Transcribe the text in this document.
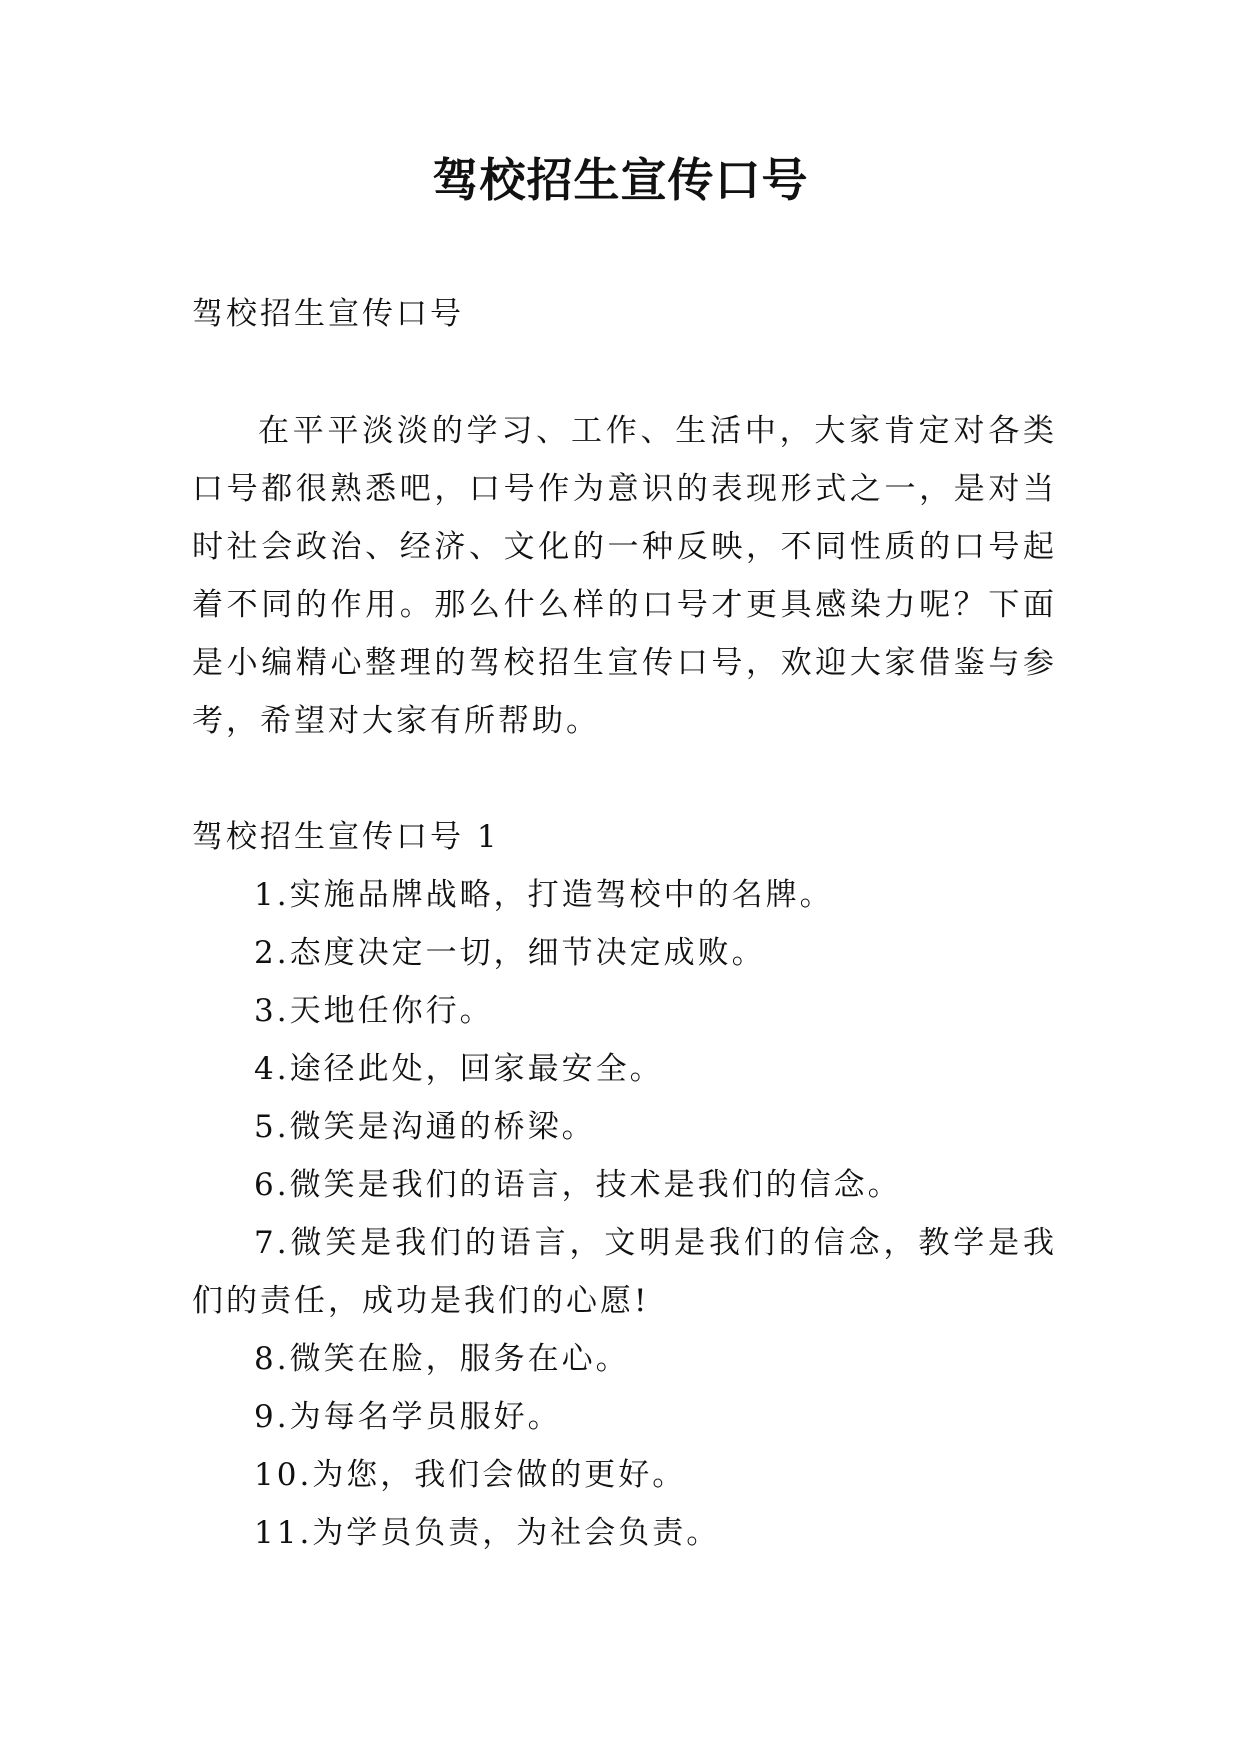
驾校招生宣传口号

驾校招生宣传口号

在平平淡淡的学习、工作、生活中，大家肯定对各类口号都很熟悉吧，口号作为意识的表现形式之一，是对当时社会政治、经济、文化的一种反映，不同性质的口号起着不同的作用。那么什么样的口号才更具感染力呢？下面是小编精心整理的驾校招生宣传口号，欢迎大家借鉴与参考，希望对大家有所帮助。

驾校招生宣传口号 1

1.实施品牌战略，打造驾校中的名牌。

2.态度决定一切，细节决定成败。

3.天地任你行。

4.途径此处，回家最安全。

5.微笑是沟通的桥梁。

6.微笑是我们的语言，技术是我们的信念。

7.微笑是我们的语言，文明是我们的信念，教学是我们的责任，成功是我们的心愿!

8.微笑在脸，服务在心。

9.为每名学员服好。

10.为您，我们会做的更好。

11.为学员负责，为社会负责。
